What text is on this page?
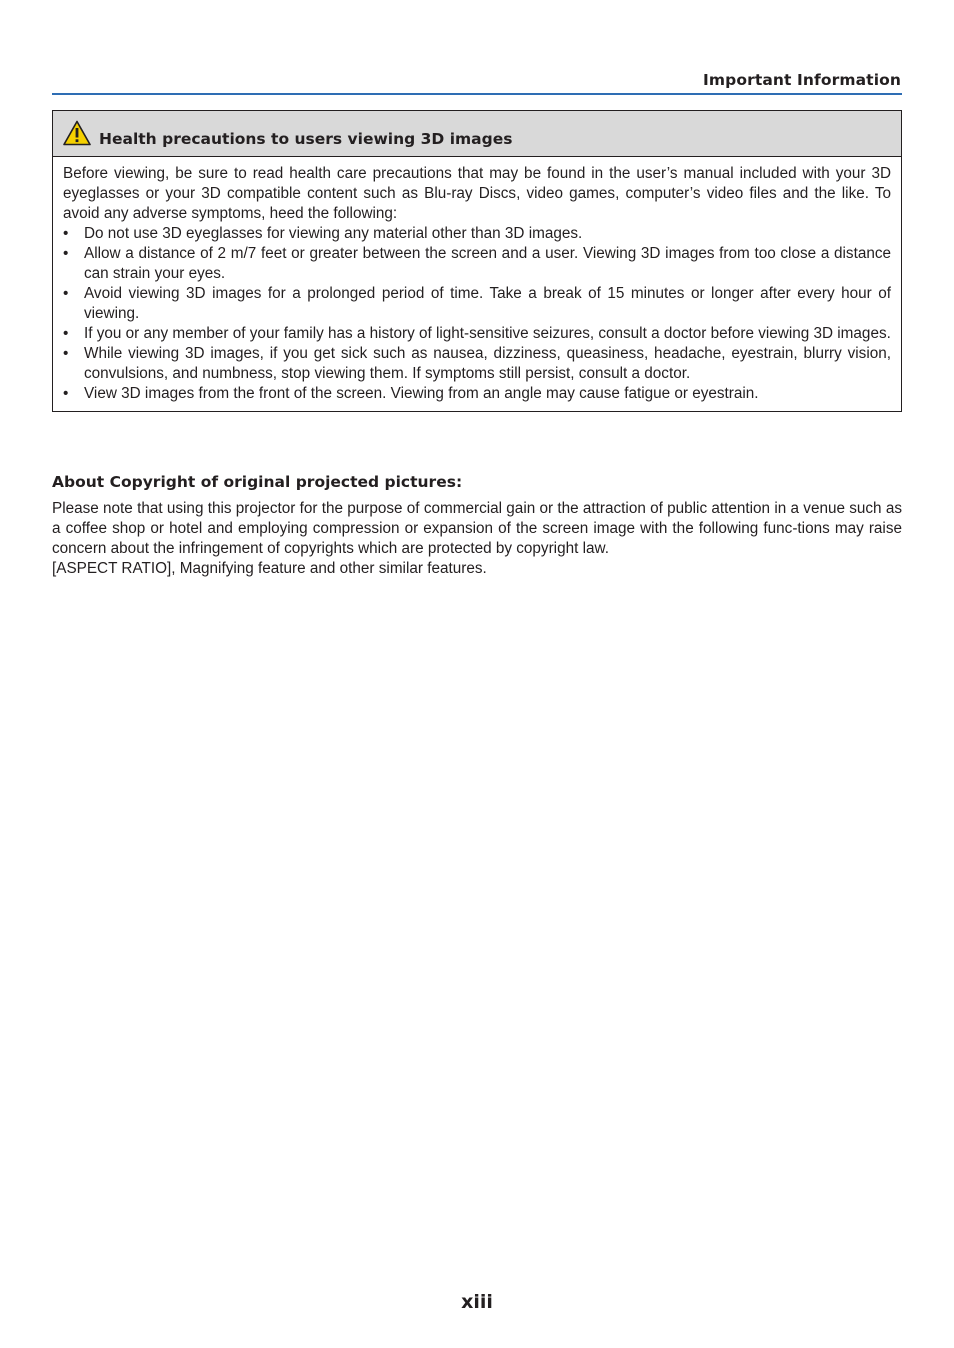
Important Information
Health precautions to users viewing 3D images

Before viewing, be sure to read health care precautions that may be found in the user’s manual included with your 3D eyeglasses or your 3D compatible content such as Blu-ray Discs, video games, computer’s video files and the like. To avoid any adverse symptoms, heed the following:

• Do not use 3D eyeglasses for viewing any material other than 3D images.
• Allow a distance of 2 m/7 feet or greater between the screen and a user. Viewing 3D images from too close a distance can strain your eyes.
• Avoid viewing 3D images for a prolonged period of time. Take a break of 15 minutes or longer after every hour of viewing.
• If you or any member of your family has a history of light-sensitive seizures, consult a doctor before viewing 3D images.
• While viewing 3D images, if you get sick such as nausea, dizziness, queasiness, headache, eyestrain, blurry vision, convulsions, and numbness, stop viewing them. If symptoms still persist, consult a doctor.
• View 3D images from the front of the screen. Viewing from an angle may cause fatigue or eyestrain.
About Copyright of original projected pictures:

Please note that using this projector for the purpose of commercial gain or the attraction of public attention in a venue such as a coffee shop or hotel and employing compression or expansion of the screen image with the following func-tions may raise concern about the infringement of copyrights which are protected by copyright law.

[ASPECT RATIO], Magnifying feature and other similar features.

xiii
